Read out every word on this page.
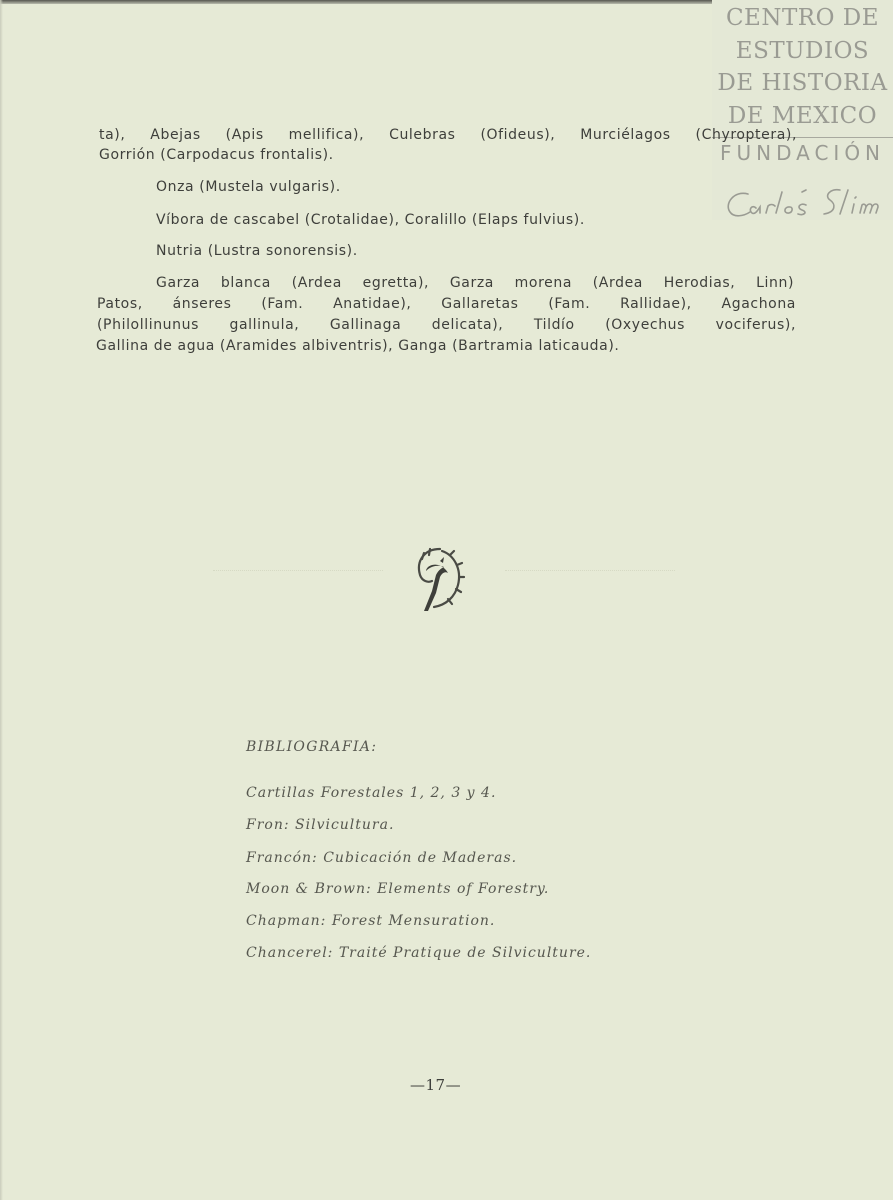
CENTRO DE
ESTUDIOS
DE HISTORIA
DE MEXICO
FUNDACIÓN
ta), Abejas (Apis mellifica), Culebras (Ofideus), Murciélagos (Chyroptera),
Gorrión (Carpodacus frontalis).
Onza (Mustela vulgaris).
Víbora de cascabel (Crotalidae), Coralillo (Elaps fulvius).
Nutria (Lustra sonorensis).
Garza blanca (Ardea egretta), Garza morena (Ardea Herodias, Linn)
Patos, ánseres (Fam. Anatidae), Gallaretas (Fam. Rallidae), Agachona
(Philollinunus gallinula, Gallinaga delicata), Tildío (Oxyechus vociferus),
Gallina de agua (Aramides albiventris), Ganga (Bartramia laticauda).
BIBLIOGRAFIA:
Cartillas Forestales 1, 2, 3 y 4.
Fron: Silvicultura.
Francón: Cubicación de Maderas.
Moon & Brown: Elements of Forestry.
Chapman: Forest Mensuration.
Chancerel: Traité Pratique de Silviculture.
—17—
